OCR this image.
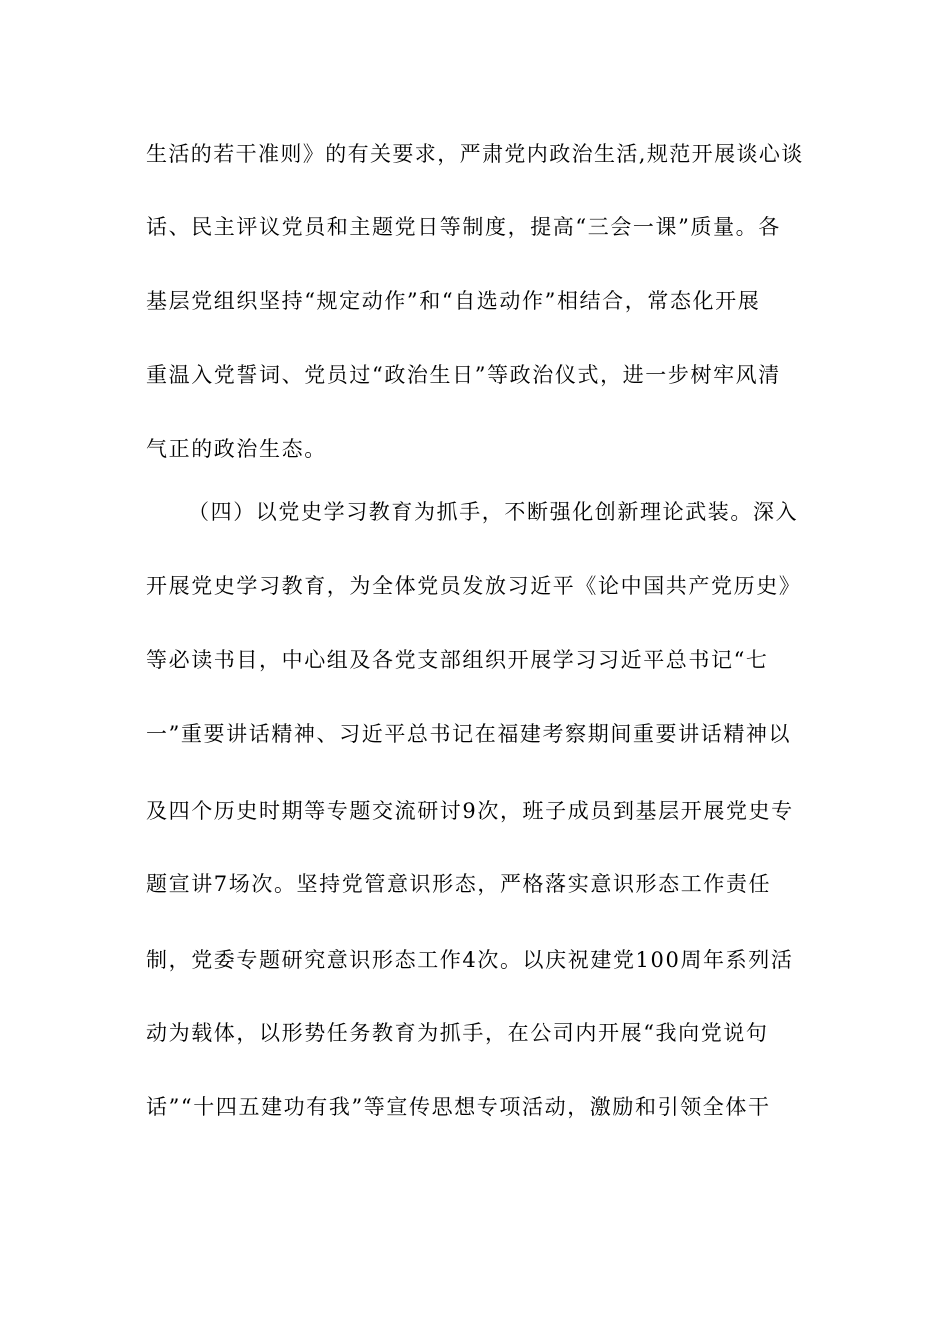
生活的若干准则》的有关要求，严肃党内政治生活,规范开展谈心谈
话、民主评议党员和主题党日等制度，提高“三会一课”质量。各
基层党组织坚持“规定动作”和“自选动作”相结合，常态化开展
重温入党誓词、党员过“政治生日”等政治仪式，进一步树牢风清
气正的政治生态。
（四）以党史学习教育为抓手，不断强化创新理论武装。深入
开展党史学习教育，为全体党员发放习近平《论中国共产党历史》
等必读书目，中心组及各党支部组织开展学习习近平总书记“七
一”重要讲话精神、习近平总书记在福建考察期间重要讲话精神以
及四个历史时期等专题交流研讨9次，班子成员到基层开展党史专
题宣讲7场次。坚持党管意识形态，严格落实意识形态工作责任
制，党委专题研究意识形态工作4次。以庆祝建党100周年系列活
动为载体，以形势任务教育为抓手，在公司内开展“我向党说句
话”“十四五建功有我”等宣传思想专项活动，激励和引领全体干
